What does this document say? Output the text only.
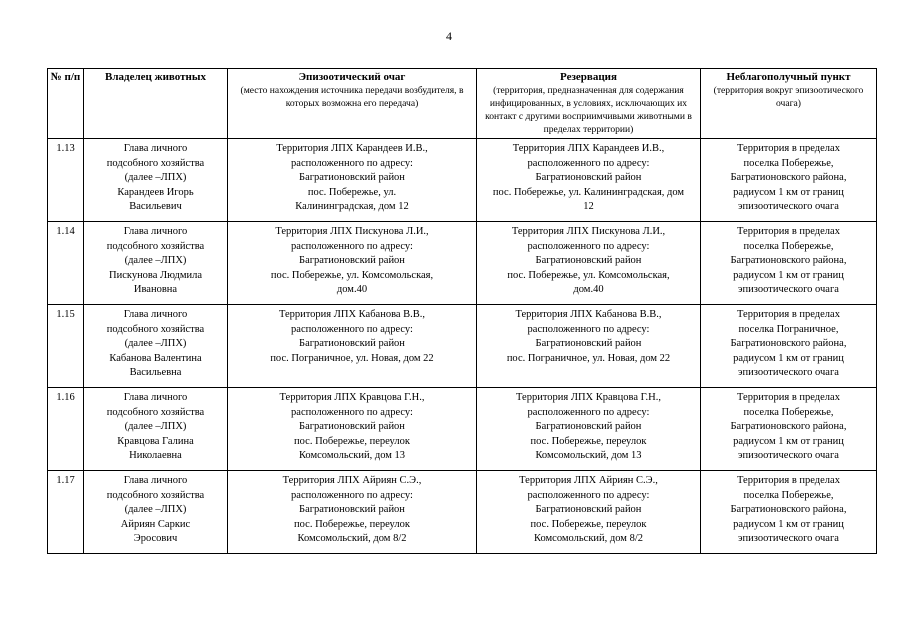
4
№ п/п	Владелец животных	Эпизоотический очаг
(место нахождения источника передачи возбудителя, в которых возможна его передача)	Резервация
(территория, предназначенная для содержания инфицированных, в условиях, исключающих их контакт с другими восприимчивыми животными в пределах территории)	Неблагополучный пункт
(территория вокруг эпизоотического очага)

1.13	Глава личного
подсобного хозяйства
(далее –ЛПХ)
Карандеев Игорь
Васильевич	Территория ЛПХ Карандеев И.В.,
расположенного по адресу:
Багратионовский район
пос. Побережье, ул.
Калининградская, дом 12	Территория ЛПХ Карандеев И.В.,
расположенного по адресу:
Багратионовский район
пос. Побережье, ул. Калининградская, дом
12	Территория в пределах
поселка Побережье,
Багратионовского района,
радиусом 1 км от границ
эпизоотического очага

1.14	Глава личного
подсобного хозяйства
(далее –ЛПХ)
Пискунова Людмила
Ивановна	Территория ЛПХ Пискунова Л.И.,
расположенного по адресу:
Багратионовский район
пос. Побережье, ул. Комсомольская,
дом.40	Территория ЛПХ Пискунова Л.И.,
расположенного по адресу:
Багратионовский район
пос. Побережье, ул. Комсомольская,
дом.40	Территория в пределах
поселка Побережье,
Багратионовского района,
радиусом 1 км от границ
эпизоотического очага

1.15	Глава личного
подсобного хозяйства
(далее –ЛПХ)
Кабанова Валентина
Васильевна	Территория ЛПХ Кабанова В.В.,
расположенного по адресу:
Багратионовский район
пос. Пограничное, ул. Новая, дом 22	Территория ЛПХ Кабанова В.В.,
расположенного по адресу:
Багратионовский район
пос. Пограничное, ул. Новая, дом 22	Территория в пределах
поселка Пограничное,
Багратионовского района,
радиусом 1 км от границ
эпизоотического очага

1.16	Глава личного
подсобного хозяйства
(далее –ЛПХ)
Кравцова Галина
Николаевна	Территория ЛПХ Кравцова Г.Н.,
расположенного по адресу:
Багратионовский район
пос. Побережье, переулок
Комсомольский, дом 13	Территория ЛПХ Кравцова Г.Н.,
расположенного по адресу:
Багратионовский район
пос. Побережье, переулок
Комсомольский, дом 13	Территория в пределах
поселка Побережье,
Багратионовского района,
радиусом 1 км от границ
эпизоотического очага

1.17	Глава личного
подсобного хозяйства
(далее –ЛПХ)
Айриян Саркис
Эросович	Территория ЛПХ Айриян С.Э.,
расположенного по адресу:
Багратионовский район
пос. Побережье, переулок
Комсомольский, дом 8/2	Территория ЛПХ Айриян С.Э.,
расположенного по адресу:
Багратионовский район
пос. Побережье, переулок
Комсомольский, дом 8/2	Территория в пределах
поселка Побережье,
Багратионовского района,
радиусом 1 км от границ
эпизоотического очага
